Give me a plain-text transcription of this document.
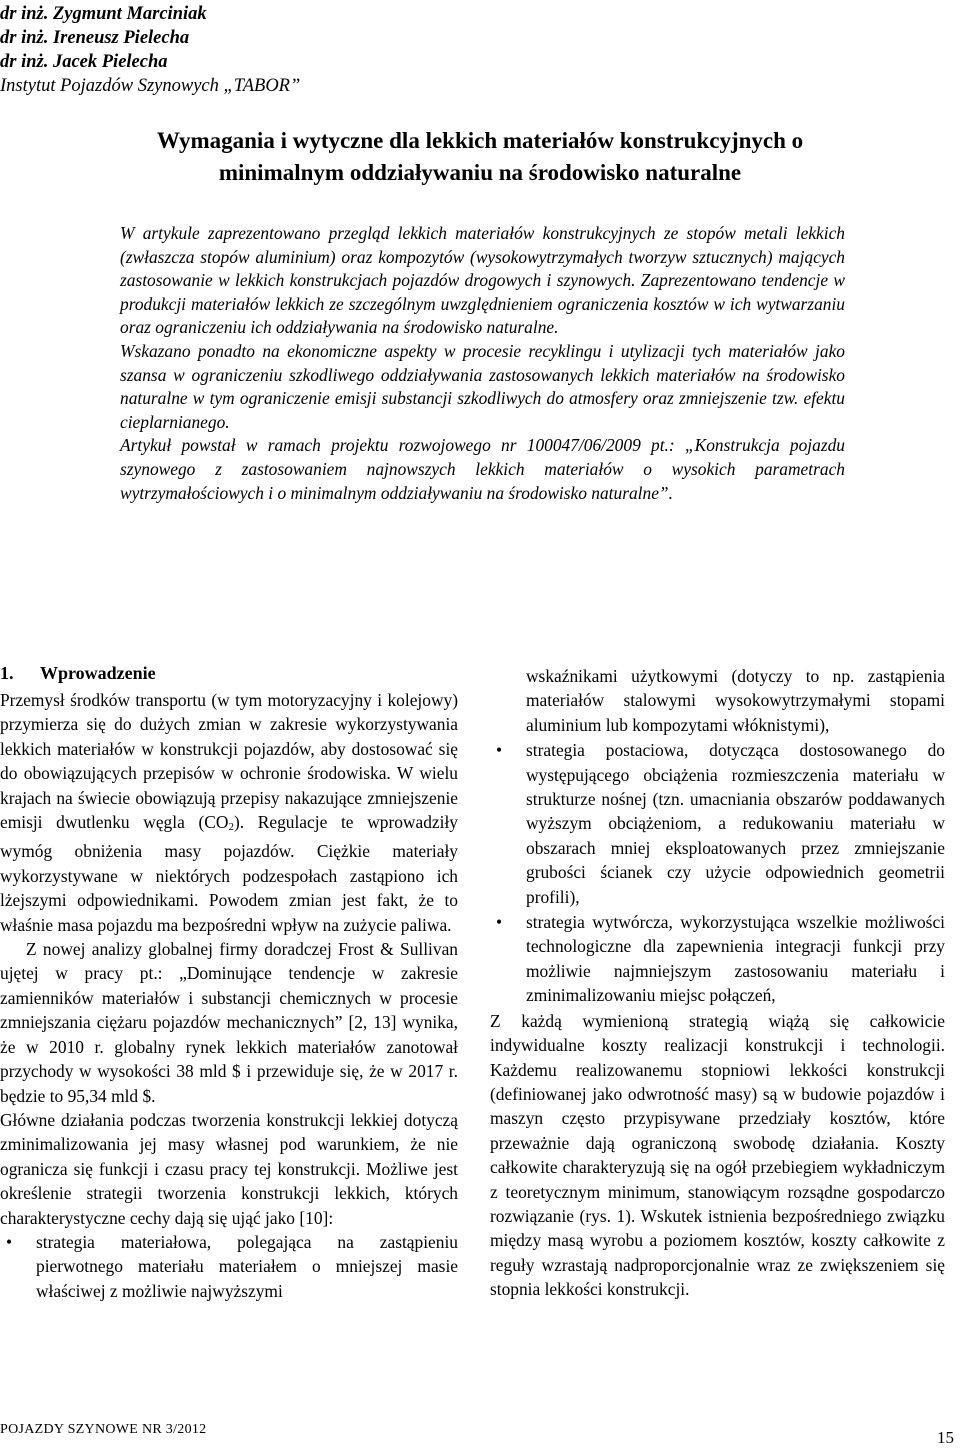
dr inż. Zygmunt Marciniak
dr inż. Ireneusz Pielecha
dr inż. Jacek Pielecha
Instytut Pojazdów Szynowych „TABOR”
Wymagania i wytyczne dla lekkich materiałów konstrukcyjnych o
minimalnym oddziaływaniu na środowisko naturalne

W artykule zaprezentowano przegląd lekkich materiałów konstrukcyjnych ze stopów metali lekkich (zwłaszcza stopów aluminium) oraz kompozytów (wysokowytrzymałych tworzyw sztucznych) mających zastosowanie w lekkich konstrukcjach pojazdów drogowych i szynowych. Zaprezentowano tendencje w produkcji materiałów lekkich ze szczególnym uwzględnieniem ograniczenia kosztów w ich wytwarzaniu oraz ograniczeniu ich oddziaływania na środowisko naturalne.

Wskazano ponadto na ekonomiczne aspekty w procesie recyklingu i utylizacji tych materiałów jako szansa w ograniczeniu szkodliwego oddziaływania zastosowanych lekkich materiałów na środowisko naturalne w tym ograniczenie emisji substancji szkodliwych do atmosfery oraz zmniejszenie tzw. efektu cieplarnianego.

Artykuł powstał w ramach projektu rozwojowego nr 100047/06/2009 pt.: „Konstrukcja pojazdu szynowego z zastosowaniem najnowszych lekkich materiałów o wysokich parametrach wytrzymałościowych i o minimalnym oddziaływaniu na środowisko naturalne”.

1. Wprowadzenie

Przemysł środków transportu (w tym motoryzacyjny i kolejowy) przymierza się do dużych zmian w zakresie wykorzystywania lekkich materiałów w konstrukcji pojazdów, aby dostosować się do obowiązujących przepisów w ochronie środowiska. W wielu krajach na świecie obowiązują przepisy nakazujące zmniejszenie emisji dwutlenku węgla $(CO_2)$. Regulacje te wprowadziły wymóg obniżenia masy pojazdów. Ciężkie materiały wykorzystywane w niektórych podzespołach zastąpiono ich lżejszymi odpowiednikami. Powodem zmian jest fakt, że to właśnie masa pojazdu ma bezpośredni wpływ na zużycie paliwa.

Z nowej analizy globalnej firmy doradczej Frost & Sullivan ujętej w pracy pt.: „Dominujące tendencje w zakresie zamienników materiałów i substancji chemicznych w procesie zmniejszania ciężaru pojazdów mechanicznych” [2, 13] wynika, że w 2010 r. globalny rynek lekkich materiałów zanotował przychody w wysokości 38 mld $ i przewiduje się, że w 2017 r. będzie to 95,34 mld $.

Główne działania podczas tworzenia konstrukcji lekkiej dotyczą zminimalizowania jej masy własnej pod warunkiem, że nie ogranicza się funkcji i czasu pracy tej konstrukcji. Możliwe jest określenie strategii tworzenia konstrukcji lekkich, których charakterystyczne cechy dają się ująć jako [10]:

• strategia materiałowa, polegająca na zastąpieniu pierwotnego materiału materiałem o mniejszej masie właściwej z możliwie najwyższymi
wskaźnikami użytkowymi (dotyczy to np. zastąpienia materiałów stalowymi wysokowytrzymałymi stopami aluminium lub kompozytami włóknistymi),
• strategia postaciowa, dotycząca dostosowanego do występującego obciążenia rozmieszczenia materiału w strukturze nośnej (tzn. umacniania obszarów poddawanych wyższym obciążeniom, a redukowaniu materiału w obszarach mniej eksploatowanych przez zmniejszanie grubości ścianek czy użycie odpowiednich geometrii profili),
• strategia wytwórcza, wykorzystująca wszelkie możliwości technologiczne dla zapewnienia integracji funkcji przy możliwie najmniejszym zastosowaniu materiału i zminimalizowaniu miejsc połączeń,

Z każdą wymienioną strategią wiążą się całkowicie indywidualne koszty realizacji konstrukcji i technologii. Każdemu realizowanemu stopniowi lekkości konstrukcji (definiowanej jako odwrotność masy) są w budowie pojazdów i maszyn często przypisywane przedziały kosztów, które przeważnie dają ograniczoną swobodę działania. Koszty całkowite charakteryzują się na ogół przebiegiem wykładniczym z teoretycznym minimum, stanowiącym rozsądne gospodarczo rozwiązanie (rys. 1). Wskutek istnienia bezpośredniego związku między masą wyrobu a poziomem kosztów, koszty całkowite z reguły wzrastają nadproporcjonalnie wraz ze zwiększeniem się stopnia lekkości konstrukcji.

POJAZDY SZYNOWE NR 3/2012	15
